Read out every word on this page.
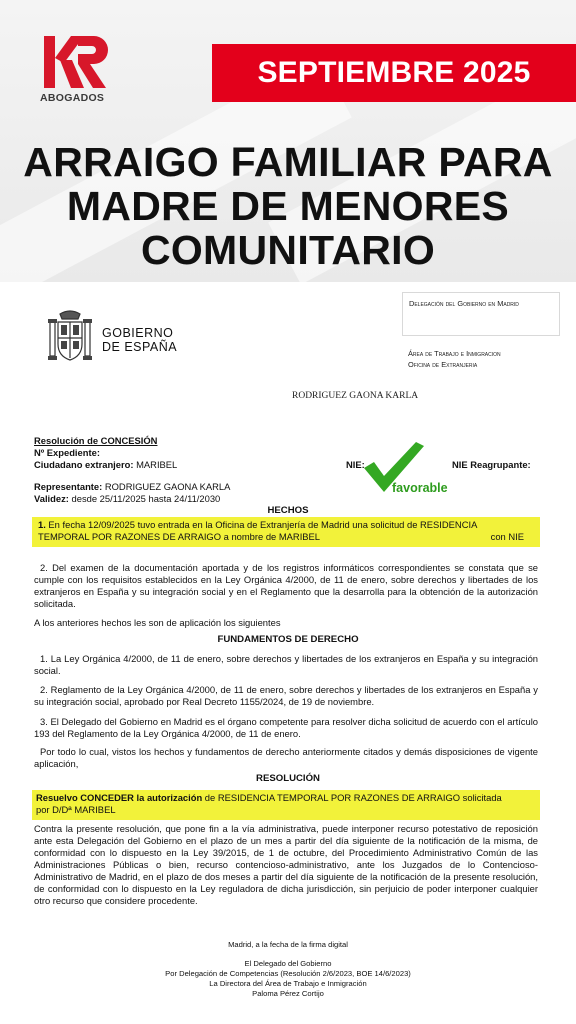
ABOGADOS
SEPTIEMBRE 2025
ARRAIGO FAMILIAR PARA
MADRE DE MENORES
COMUNITARIO
GOBIERNO
DE ESPAÑA
Delegación del Gobierno en Madrid
Área de Trabajo e Inmigracion
Oficina de Extranjeria
RODRIGUEZ GAONA KARLA
Resolución de CONCESIÓN
Nº Expediente:
Ciudadano extranjero: MARIBEL	NIE:	NIE Reagrupante:
favorable
Representante: RODRIGUEZ GAONA KARLA
Validez: desde 25/11/2025 hasta 24/11/2030
HECHOS
1. En fecha 12/09/2025 tuvo entrada en la Oficina de Extranjería de Madrid una solicitud de RESIDENCIA
TEMPORAL POR RAZONES DE ARRAIGO a nombre de MARIBEL	con NIE
2. Del examen de la documentación aportada y de los registros informáticos correspondientes se constata que se cumple con los requisitos establecidos en la Ley Orgánica 4/2000, de 11 de enero, sobre derechos y libertades de los extranjeros en España y su integración social y en el Reglamento que la desarrolla para la obtención de la autorización solicitada.
A los anteriores hechos les son de aplicación los siguientes
FUNDAMENTOS DE DERECHO
1. La Ley Orgánica 4/2000, de 11 de enero, sobre derechos y libertades de los extranjeros en España y su integración social.
2. Reglamento de la Ley Orgánica 4/2000, de 11 de enero, sobre derechos y libertades de los extranjeros en España y su integración social, aprobado por Real Decreto 1155/2024, de 19 de noviembre.
3. El Delegado del Gobierno en Madrid es el órgano competente para resolver dicha solicitud de acuerdo con el artículo 193 del Reglamento de la Ley Orgánica 4/2000, de 11 de enero.
Por todo lo cual, vistos los hechos y fundamentos de derecho anteriormente citados y demás disposiciones de vigente aplicación,
RESOLUCIÓN
Resuelvo CONCEDER la autorización de RESIDENCIA TEMPORAL POR RAZONES DE ARRAIGO solicitada
por D/Dª MARIBEL
Contra la presente resolución, que pone fin a la vía administrativa, puede interponer recurso potestativo de reposición ante esta Delegación del Gobierno en el plazo de un mes a partir del día siguiente de la notificación de la misma, de conformidad con lo dispuesto en la Ley 39/2015, de 1 de octubre, del Procedimiento Administrativo Común de las Administraciones Públicas o bien, recurso contencioso-administrativo, ante los Juzgados de lo Contencioso-Administrativo de Madrid, en el plazo de dos meses a partir del día siguiente de la notificación de la presente resolución, de conformidad con lo dispuesto en la Ley reguladora de dicha jurisdicción, sin perjuicio de poder interponer cualquier otro recurso que considere procedente.
Madrid, a la fecha de la firma digital
El Delegado del Gobierno
Por Delegación de Competencias (Resolución 2/6/2023, BOE 14/6/2023)
La Directora del Área de Trabajo e Inmigración
Paloma Pérez Cortijo
